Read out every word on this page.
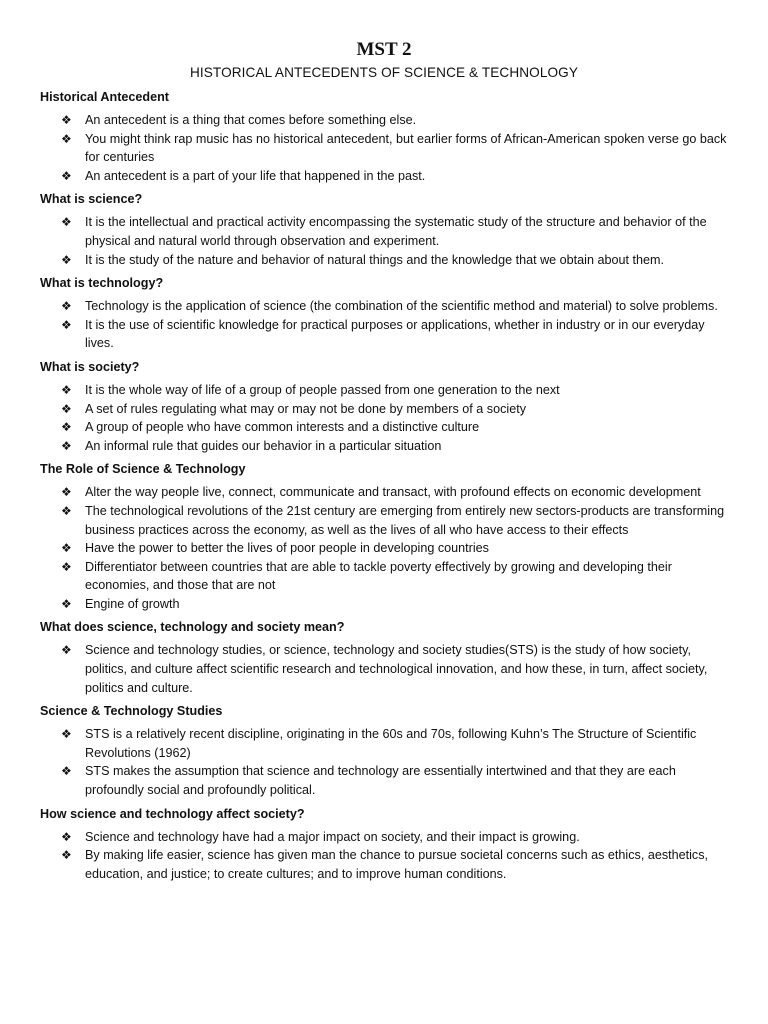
MST 2
HISTORICAL ANTECEDENTS OF SCIENCE & TECHNOLOGY
Historical Antecedent
❖ An antecedent is a thing that comes before something else.
❖ You might think rap music has no historical antecedent, but earlier forms of African-American spoken verse go back for centuries
❖ An antecedent is a part of your life that happened in the past.
What is science?
❖ It is the intellectual and practical activity encompassing the systematic study of the structure and behavior of the physical and natural world through observation and experiment.
❖ It is the study of the nature and behavior of natural things and the knowledge that we obtain about them.
What is technology?
❖ Technology is the application of science (the combination of the scientific method and material) to solve problems.
❖ It is the use of scientific knowledge for practical purposes or applications, whether in industry or in our everyday lives.
What is society?
❖ It is the whole way of life of a group of people passed from one generation to the next
❖ A set of rules regulating what may or may not be done by members of a society
❖ A group of people who have common interests and a distinctive culture
❖ An informal rule that guides our behavior in a particular situation
The Role of Science & Technology
❖ Alter the way people live, connect, communicate and transact, with profound effects on economic development
❖ The technological revolutions of the 21st century are emerging from entirely new sectors-products are transforming business practices across the economy, as well as the lives of all who have access to their effects
❖ Have the power to better the lives of poor people in developing countries
❖ Differentiator between countries that are able to tackle poverty effectively by growing and developing their economies, and those that are not
❖ Engine of growth
What does science, technology and society mean?
❖ Science and technology studies, or science, technology and society studies(STS) is the study of how society, politics, and culture affect scientific research and technological innovation, and how these, in turn, affect society, politics and culture.
Science & Technology Studies
❖ STS is a relatively recent discipline, originating in the 60s and 70s, following Kuhn’s The Structure of Scientific Revolutions (1962)
❖ STS makes the assumption that science and technology are essentially intertwined and that they are each profoundly social and profoundly political.
How science and technology affect society?
❖ Science and technology have had a major impact on society, and their impact is growing.
❖ By making life easier, science has given man the chance to pursue societal concerns such as ethics, aesthetics, education, and justice; to create cultures; and to improve human conditions.
